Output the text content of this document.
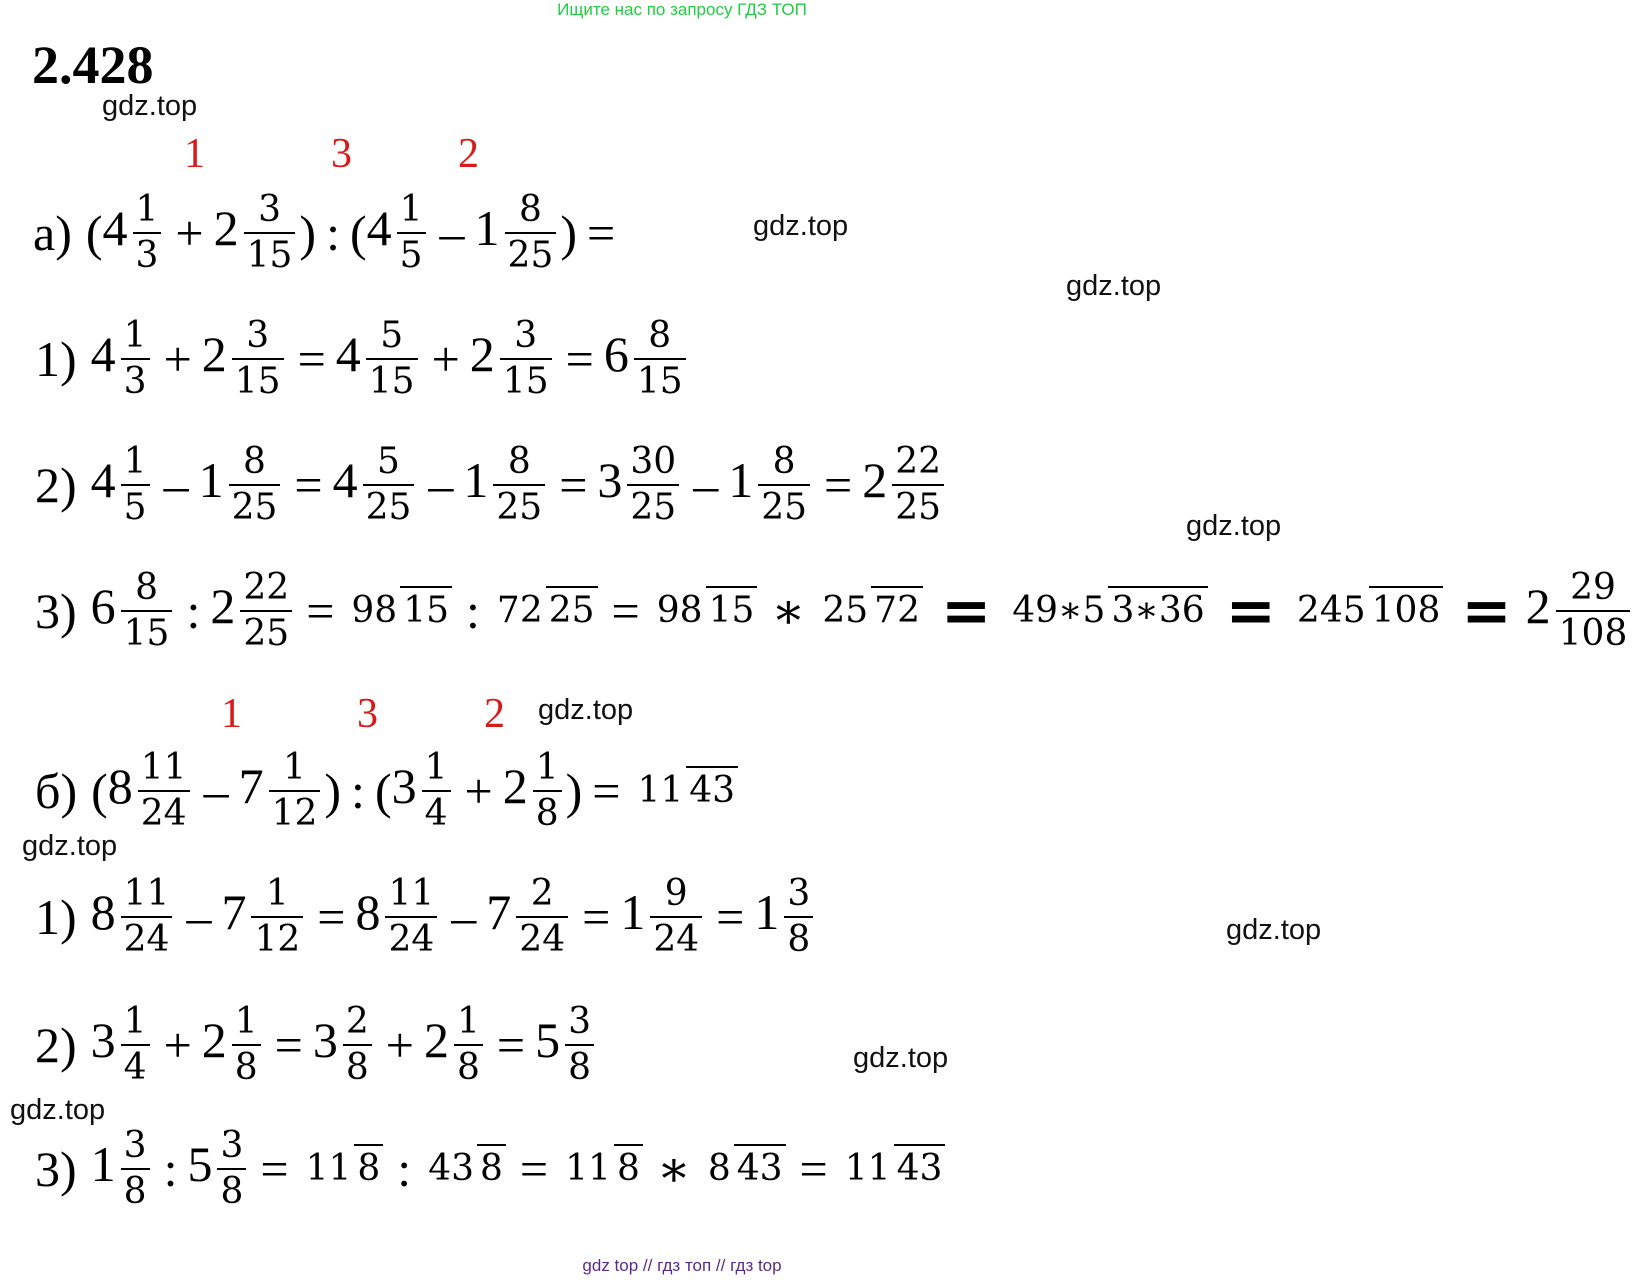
Ищите нас по запросу ГДЗ ТОП
gdz top // гдз топ // гдз top
2.428
gdz.top
gdz.top
gdz.top
gdz.top
gdz.top
gdz.top
gdz.top
gdz.top
gdz.top
1	3	2
1	3	2
а) ( $4 \frac{1}{3} + 2 \frac{3}{15}$ ) : ( $4 \frac{1}{5} - 1 \frac{8}{25}$ ) =
1) $4 \frac{1}{3} + 2 \frac{3}{15} = 4 \frac{5}{15} + 2 \frac{3}{15} = 6 \frac{8}{15}$
2) $4 \frac{1}{5} - 1 \frac{8}{25} = 4 \frac{5}{25} - 1 \frac{8}{25} = 3 \frac{30}{25} - 1 \frac{8}{25} = 2 \frac{22}{25}$
3) $6 \frac{8}{15}$ : $2 \frac{22}{25} = 98$ 15 : 72 25 = 98 15 ∗ 25 72 = 49∗5 3∗36 = 245 $108 = 2 \frac{29}{108}$
б) ( $8 \frac{11}{24} - 7 \frac{1}{12}$ ) : ( $3 \frac{1}{4} + 2 \frac{1}{8}$ ) = 11 43
1) $8 \frac{11}{24} - 7 \frac{1}{12} = 8 \frac{11}{24} - 7 \frac{2}{24} = 1 \frac{9}{24} = 1 \frac{3}{8}$
2) $3 \frac{1}{4} + 2 \frac{1}{8} = 3 \frac{2}{8} + 2 \frac{1}{8} = 5 \frac{3}{8}$
3) $1 \frac{3}{8}$ : $5 \frac{3}{8} = 11$ 8 : 43 8 = 11 8 ∗ 8 43 = 11 43
